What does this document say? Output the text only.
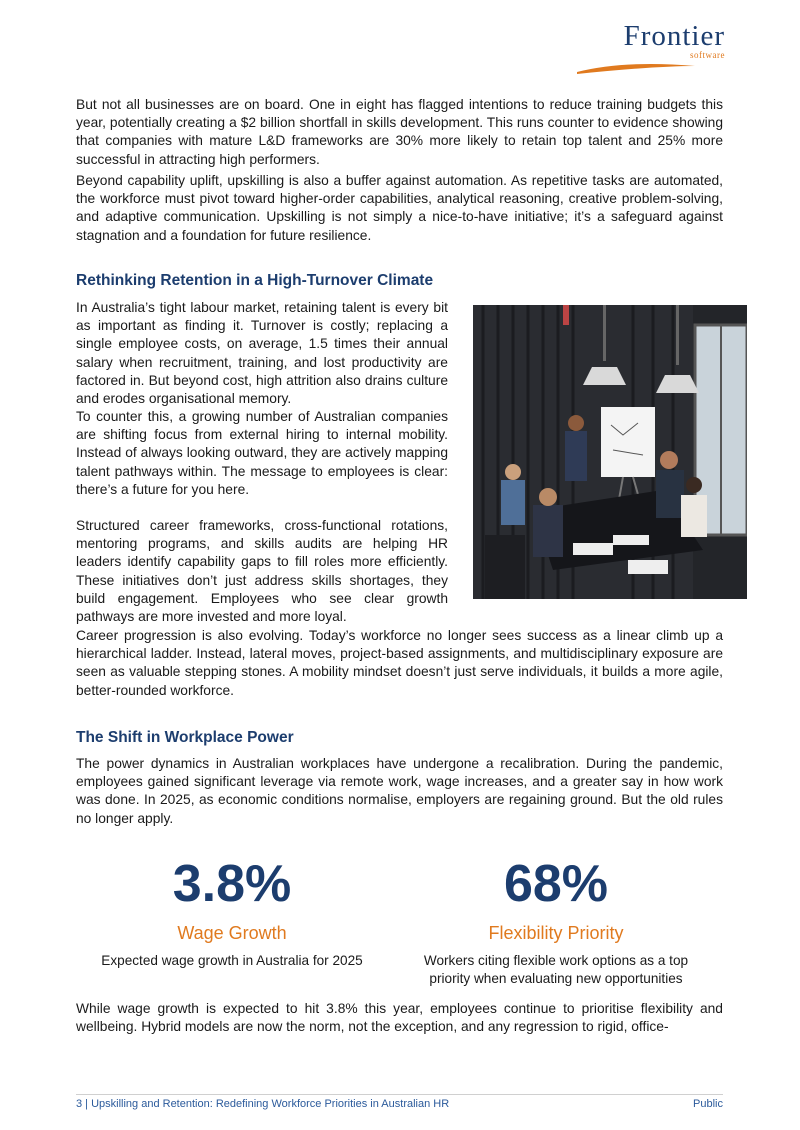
Frontier
software

But not all businesses are on board. One in eight has flagged intentions to reduce training budgets this year, potentially creating a $2 billion shortfall in skills development. This runs counter to evidence showing that companies with mature L&D frameworks are 30% more likely to retain top talent and 25% more successful in attracting high performers.

Beyond capability uplift, upskilling is also a buffer against automation. As repetitive tasks are automated, the workforce must pivot toward higher-order capabilities, analytical reasoning, creative problem-solving, and adaptive communication. Upskilling is not simply a nice-to-have initiative; it’s a safeguard against stagnation and a foundation for future resilience.

Rethinking Retention in a High-Turnover Climate

In Australia’s tight labour market, retaining talent is every bit as important as finding it. Turnover is costly; replacing a single employee costs, on average, 1.5 times their annual salary when recruitment, training, and lost productivity are factored in. But beyond cost, high attrition also drains culture and erodes organisational memory.

To counter this, a growing number of Australian companies are shifting focus from external hiring to internal mobility. Instead of always looking outward, they are actively mapping talent pathways within. The message to employees is clear: there’s a future for you here.

Structured career frameworks, cross-functional rotations, mentoring programs, and skills audits are helping HR leaders identify capability gaps to fill roles more efficiently. These initiatives don’t just address skills shortages, they build engagement. Employees who see clear growth pathways are more invested and more loyal.

Career progression is also evolving. Today’s workforce no longer sees success as a linear climb up a hierarchical ladder. Instead, lateral moves, project-based assignments, and multidisciplinary exposure are seen as valuable stepping stones. A mobility mindset doesn’t just serve individuals, it builds a more agile, better-rounded workforce.

The Shift in Workplace Power

The power dynamics in Australian workplaces have undergone a recalibration. During the pandemic, employees gained significant leverage via remote work, wage increases, and a greater say in how work was done. In 2025, as economic conditions normalise, employers are regaining ground. But the old rules no longer apply.

3.8%
Wage Growth
Expected wage growth in Australia for 2025
68%
Flexibility Priority
Workers citing flexible work options as a top priority when evaluating new opportunities

While wage growth is expected to hit 3.8% this year, employees continue to prioritise flexibility and wellbeing. Hybrid models are now the norm, not the exception, and any regression to rigid, office-

3 | Upskilling and Retention: Redefining Workforce Priorities in Australian HR	Public
